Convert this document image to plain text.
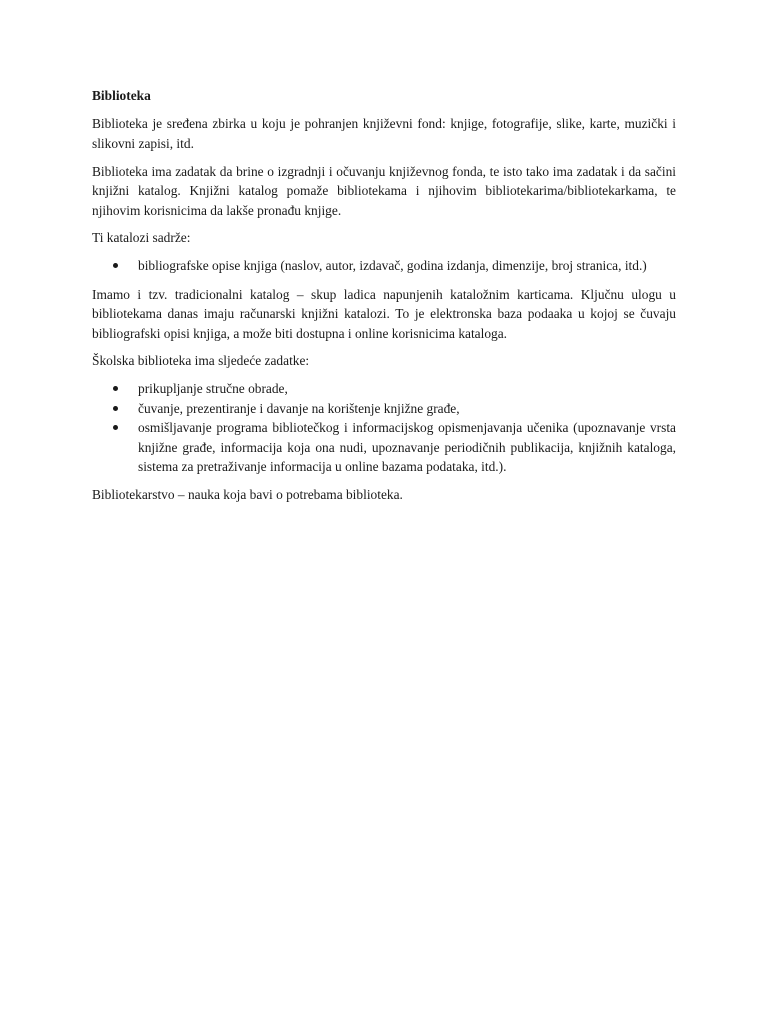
Biblioteka

Biblioteka je sređena zbirka u koju je pohranjen književni fond: knjige, fotografije, slike, karte, muzički i slikovni zapisi, itd.

Biblioteka ima zadatak da brine o izgradnji i očuvanju književnog fonda, te isto tako ima zadatak i da sačini knjižni katalog. Knjižni katalog pomaže bibliotekama i njihovim bibliotekarima/bibliotekarkama, te njihovim korisnicima da lakše pronađu knjige.

Ti katalozi sadrže:

bibliografske opise knjiga (naslov, autor, izdavač, godina izdanja, dimenzije, broj stranica, itd.)

Imamo i tzv. tradicionalni katalog – skup ladica napunjenih kataložnim karticama. Ključnu ulogu u bibliotekama danas imaju računarski knjižni katalozi. To je elektronska baza podaaka u kojoj se čuvaju bibliografski opisi knjiga, a može biti dostupna i online korisnicima kataloga.

Školska biblioteka ima sljedeće zadatke:

prikupljanje stručne obrade,
čuvanje, prezentiranje i davanje na korištenje knjižne građe,
osmišljavanje programa bibliotečkog i informacijskog opismenjavanja učenika (upoznavanje vrsta knjižne građe, informacija koja ona nudi, upoznavanje periodičnih publikacija, knjižnih kataloga, sistema za pretraživanje informacija u online bazama podataka, itd.).

Bibliotekarstvo – nauka koja bavi o potrebama biblioteka.
